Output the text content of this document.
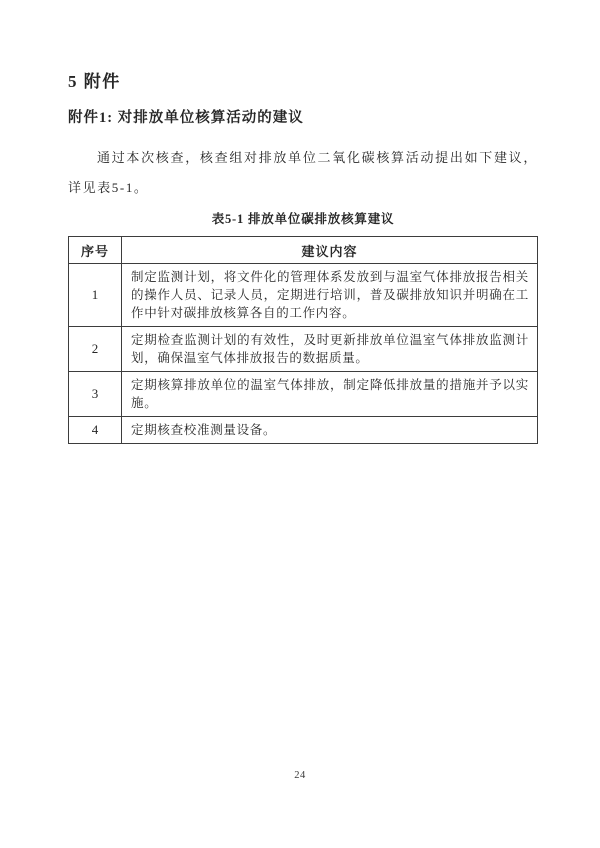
5 附件
附件1: 对排放单位核算活动的建议

通过本次核查，核查组对排放单位二氧化碳核算活动提出如下建议，详见表5-1。

表5-1 排放单位碳排放核算建议
序号	建议内容
1	制定监测计划，将文件化的管理体系发放到与温室气体排放报告相关的操作人员、记录人员，定期进行培训，普及碳排放知识并明确在工作中针对碳排放核算各自的工作内容。
2	定期检查监测计划的有效性，及时更新排放单位温室气体排放监测计划，确保温室气体排放报告的数据质量。
3	定期核算排放单位的温室气体排放，制定降低排放量的措施并予以实施。
4	定期核查校准测量设备。
24
